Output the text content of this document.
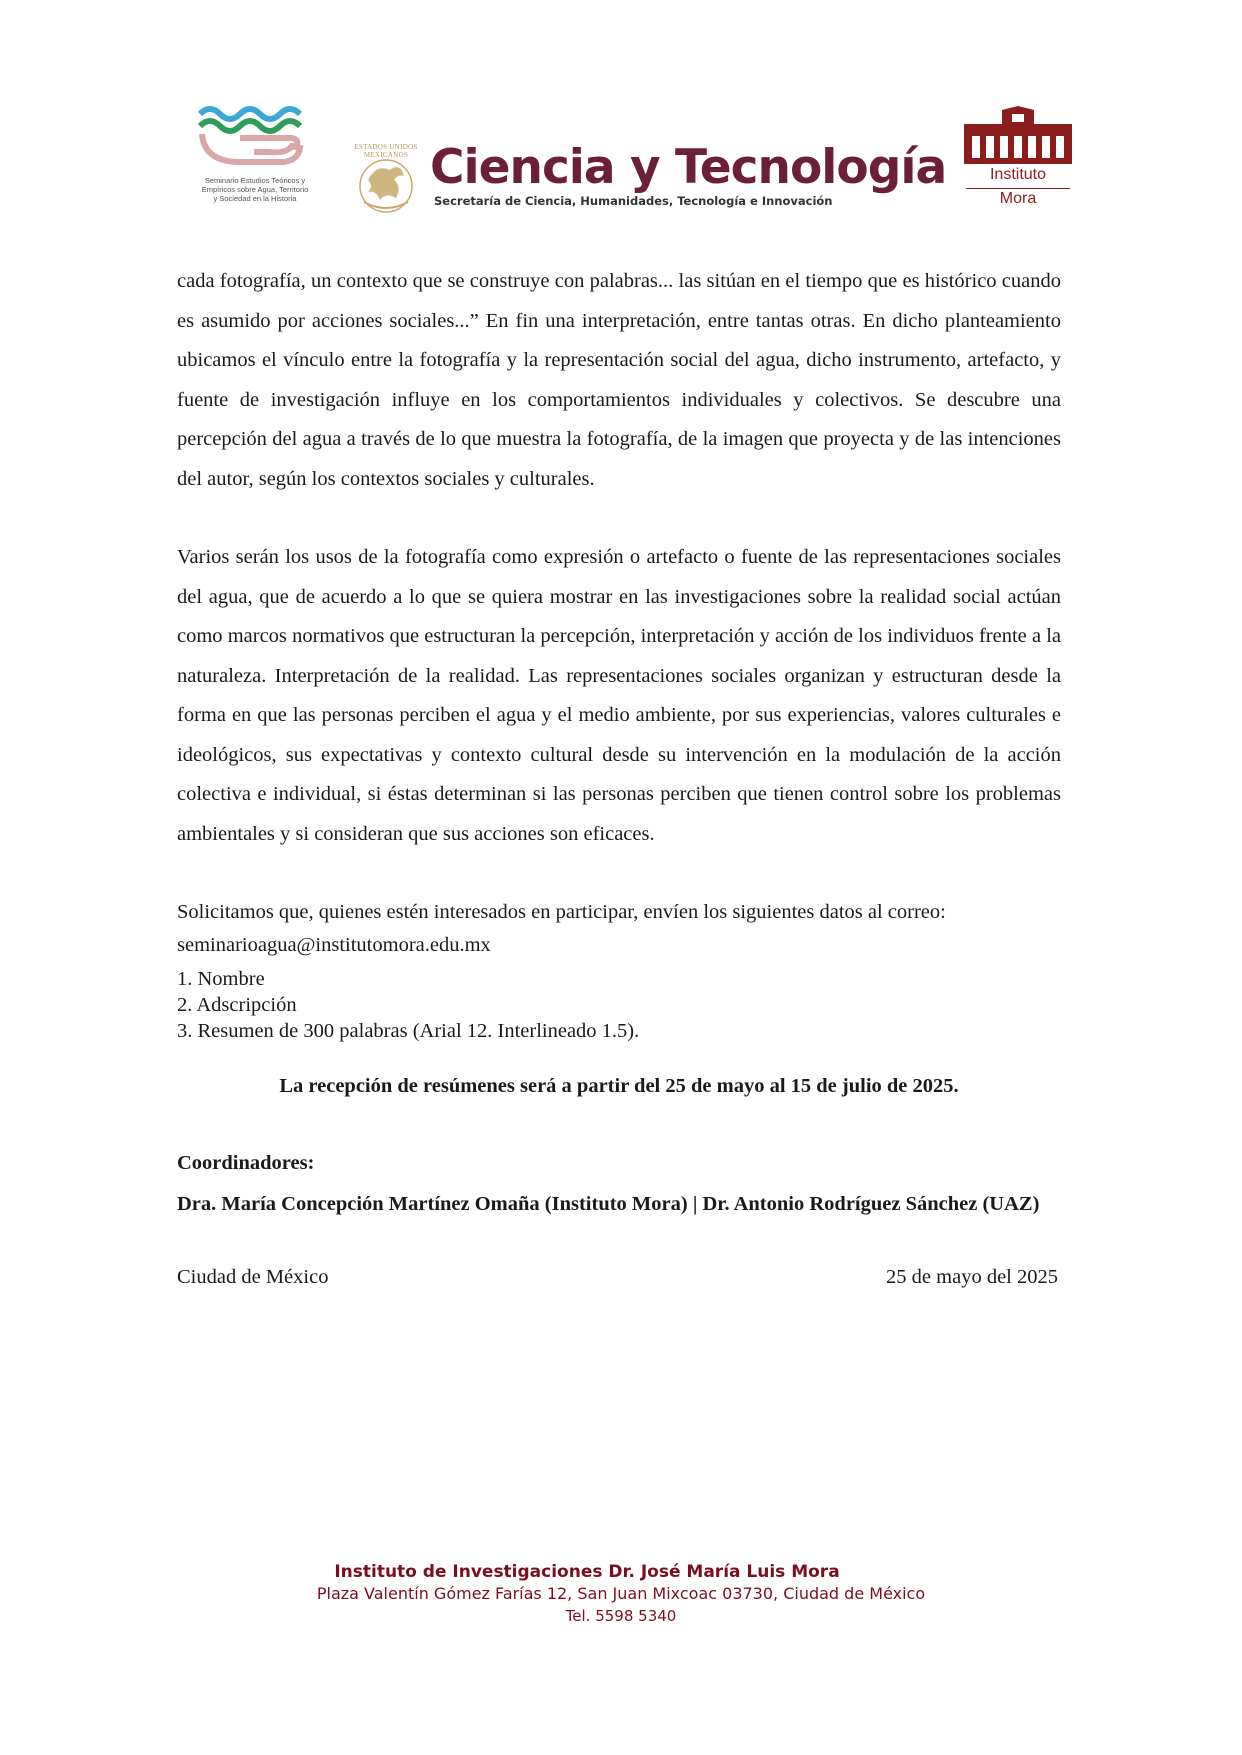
Seminario Estudios Teóricos y
Empíricos sobre Agua, Territorio
y Sociedad en la Historia
ESTADOS UNIDOS MEXICANOS Ciencia y Tecnología
Secretaría de Ciencia, Humanidades, Tecnología e Innovación
Instituto
Mora

cada fotografía, un contexto que se construye con palabras... las sitúan en el tiempo que es histórico cuando es asumido por acciones sociales...” En fin una interpretación, entre tantas otras. En dicho planteamiento ubicamos el vínculo entre la fotografía y la representación social del agua, dicho instrumento, artefacto, y fuente de investigación influye en los comportamientos individuales y colectivos. Se descubre una percepción del agua a través de lo que muestra la fotografía, de la imagen que proyecta y de las intenciones del autor, según los contextos sociales y culturales.

Varios serán los usos de la fotografía como expresión o artefacto o fuente de las representaciones sociales del agua, que de acuerdo a lo que se quiera mostrar en las investigaciones sobre la realidad social actúan como marcos normativos que estructuran la percepción, interpretación y acción de los individuos frente a la naturaleza. Interpretación de la realidad. Las representaciones sociales organizan y estructuran desde la forma en que las personas perciben el agua y el medio ambiente, por sus experiencias, valores culturales e ideológicos, sus expectativas y contexto cultural desde su intervención en la modulación de la acción colectiva e individual, si éstas determinan si las personas perciben que tienen control sobre los problemas ambientales y si consideran que sus acciones son eficaces.

Solicitamos que, quienes estén interesados en participar, envíen los siguientes datos al correo:

seminarioagua@institutomora.edu.mx

1. Nombre
2. Adscripción
3. Resumen de 300 palabras (Arial 12. Interlineado 1.5).

La recepción de resúmenes será a partir del 25 de mayo al 15 de julio de 2025.

Coordinadores:

Dra. María Concepción Martínez Omaña (Instituto Mora) | Dr. Antonio Rodríguez Sánchez (UAZ)

Ciudad de México	25 de mayo del 2025
Instituto de Investigaciones Dr. José María Luis Mora
Plaza Valentín Gómez Farías 12, San Juan Mixcoac 03730, Ciudad de México
Tel. 5598 5340
